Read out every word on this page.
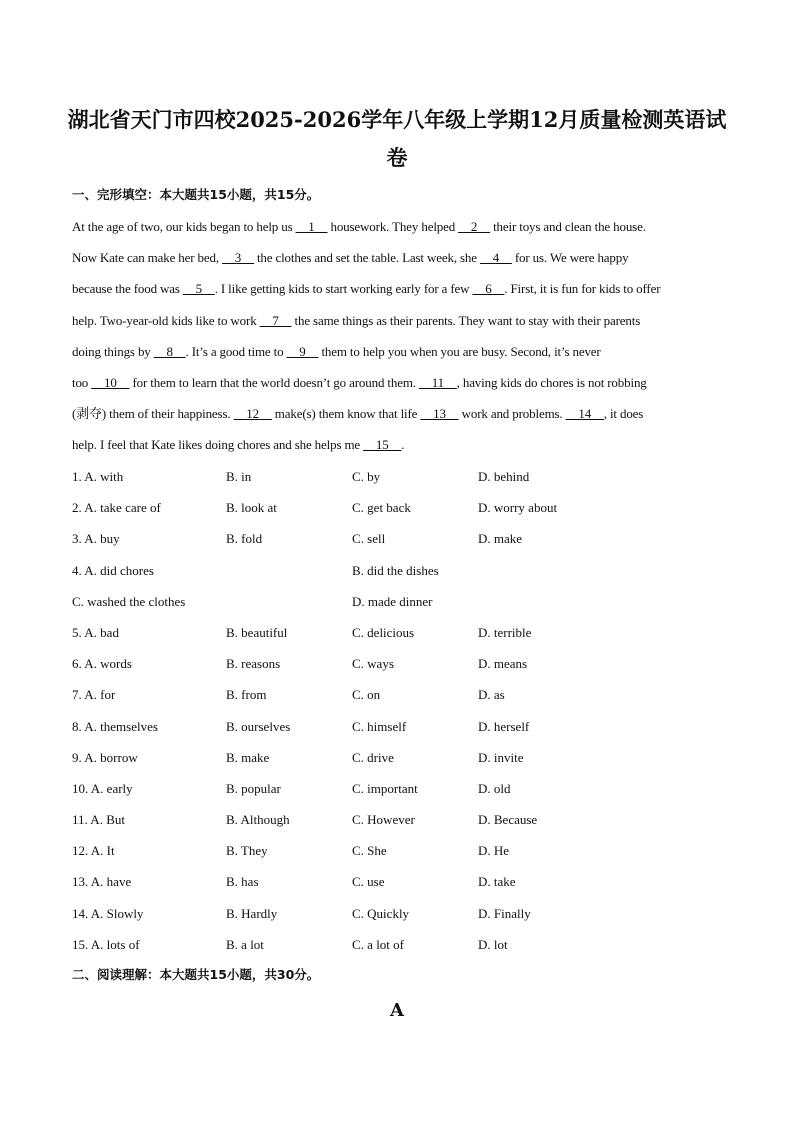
湖北省天门市四校2025-2026学年八年级上学期12月质量检测英语试
卷
一、完形填空：本大题共15小题，共15分。
At the age of two, our kids began to help us __1__ housework. They helped __2__ their toys and clean the house.
Now Kate can make her bed, __3__ the clothes and set the table. Last week, she __4__ for us. We were happy
because the food was __5__. I like getting kids to start working early for a few __6__. First, it is fun for kids to offer
help. Two-year-old kids like to work __7__ the same things as their parents. They want to stay with their parents
doing things by __8__. It’s a good time to __9__ them to help you when you are busy. Second, it’s never
too __10__ for them to learn that the world doesn’t go around them. __11__, having kids do chores is not robbing
(剥夺) them of their happiness. __12__ make(s) them know that life __13__ work and problems. __14__, it does
help. I feel that Kate likes doing chores and she helps me __15__.
1. A. with	B. in	C. by	D. behind
2. A. take care of	B. look at	C. get back	D. worry about
3. A. buy	B. fold	C. sell	D. make
4. A. did chores	B. did the dishes
C. washed the clothes	D. made dinner
5. A. bad	B. beautiful	C. delicious	D. terrible
6. A. words	B. reasons	C. ways	D. means
7. A. for	B. from	C. on	D. as
8. A. themselves	B. ourselves	C. himself	D. herself
9. A. borrow	B. make	C. drive	D. invite
10. A. early	B. popular	C. important	D. old
11. A. But	B. Although	C. However	D. Because
12. A. It	B. They	C. She	D. He
13. A. have	B. has	C. use	D. take
14. A. Slowly	B. Hardly	C. Quickly	D. Finally
15. A. lots of	B. a lot	C. a lot of	D. lot
二、阅读理解：本大题共15小题，共30分。
A
